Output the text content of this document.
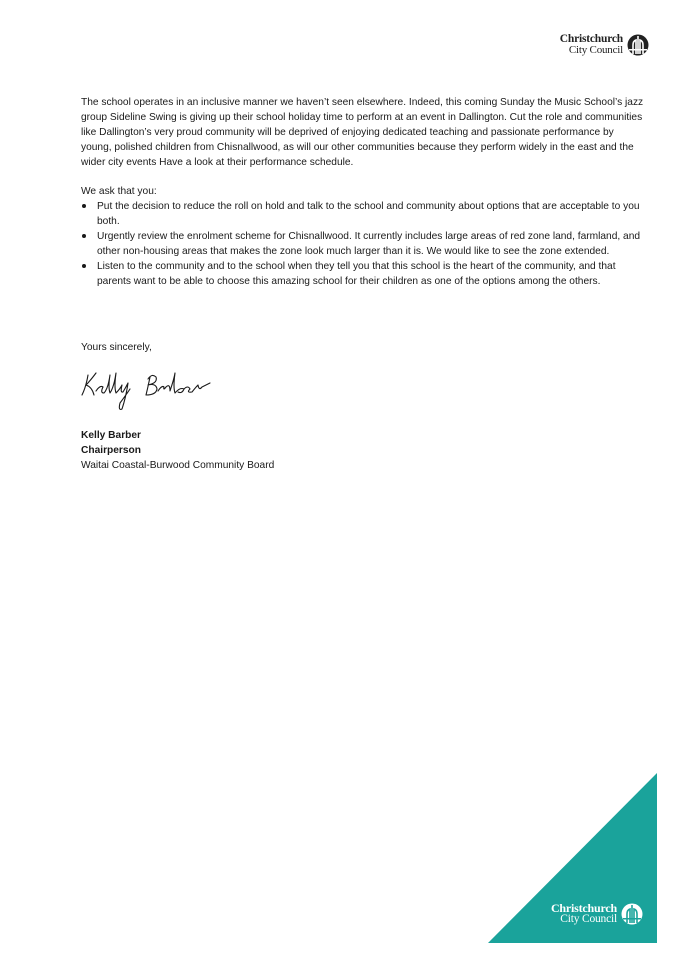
Christchurch
City Council

The school operates in an inclusive manner we haven’t seen elsewhere. Indeed, this coming Sunday the Music School’s jazz group Sideline Swing is giving up their school holiday time to perform at an event in Dallington. Cut the role and communities like Dallington’s very proud community will be deprived of enjoying dedicated teaching and passionate performance by young, polished children from Chisnallwood, as will our other communities because they perform widely in the east and the wider city events Have a look at their performance schedule.

We ask that you:

Put the decision to reduce the roll on hold and talk to the school and community about options that are acceptable to you both.
Urgently review the enrolment scheme for Chisnallwood. It currently includes large areas of red zone land, farmland, and other non-housing areas that makes the zone look much larger than it is. We would like to see the zone extended.
Listen to the community and to the school when they tell you that this school is the heart of the community, and that parents want to be able to choose this amazing school for their children as one of the options among the others.
Yours sincerely,
Kelly Barber
Kelly Barber
Chairperson
Waitai Coastal-Burwood Community Board
Christchurch
City Council
